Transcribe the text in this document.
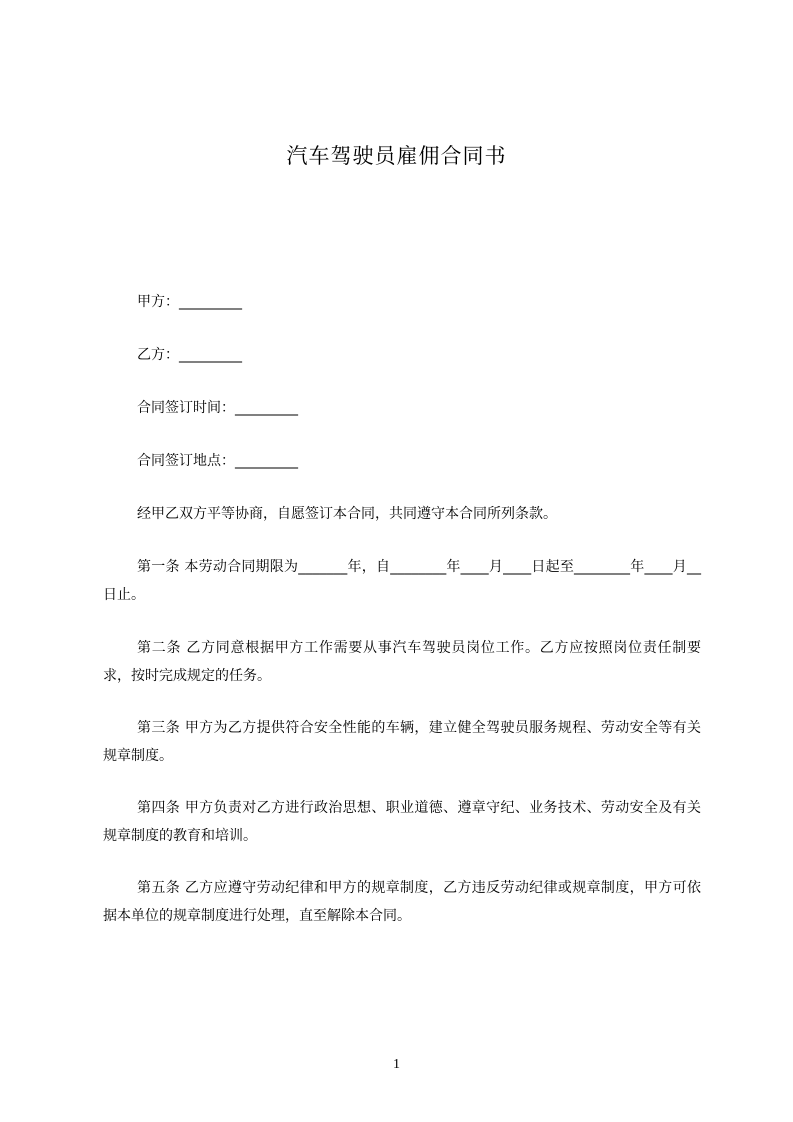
汽车驾驶员雇佣合同书
甲方：_________
乙方：_________
合同签订时间：_________
合同签订地点：_________
经甲乙双方平等协商，自愿签订本合同，共同遵守本合同所列条款。
第一条 本劳动合同期限为_______年，自________年____月____日起至________年____月__日止。
第二条 乙方同意根据甲方工作需要从事汽车驾驶员岗位工作。乙方应按照岗位责任制要求，按时完成规定的任务。
第三条 甲方为乙方提供符合安全性能的车辆，建立健全驾驶员服务规程、劳动安全等有关规章制度。
第四条 甲方负责对乙方进行政治思想、职业道德、遵章守纪、业务技术、劳动安全及有关规章制度的教育和培训。
第五条 乙方应遵守劳动纪律和甲方的规章制度，乙方违反劳动纪律或规章制度，甲方可依据本单位的规章制度进行处理，直至解除本合同。
1
